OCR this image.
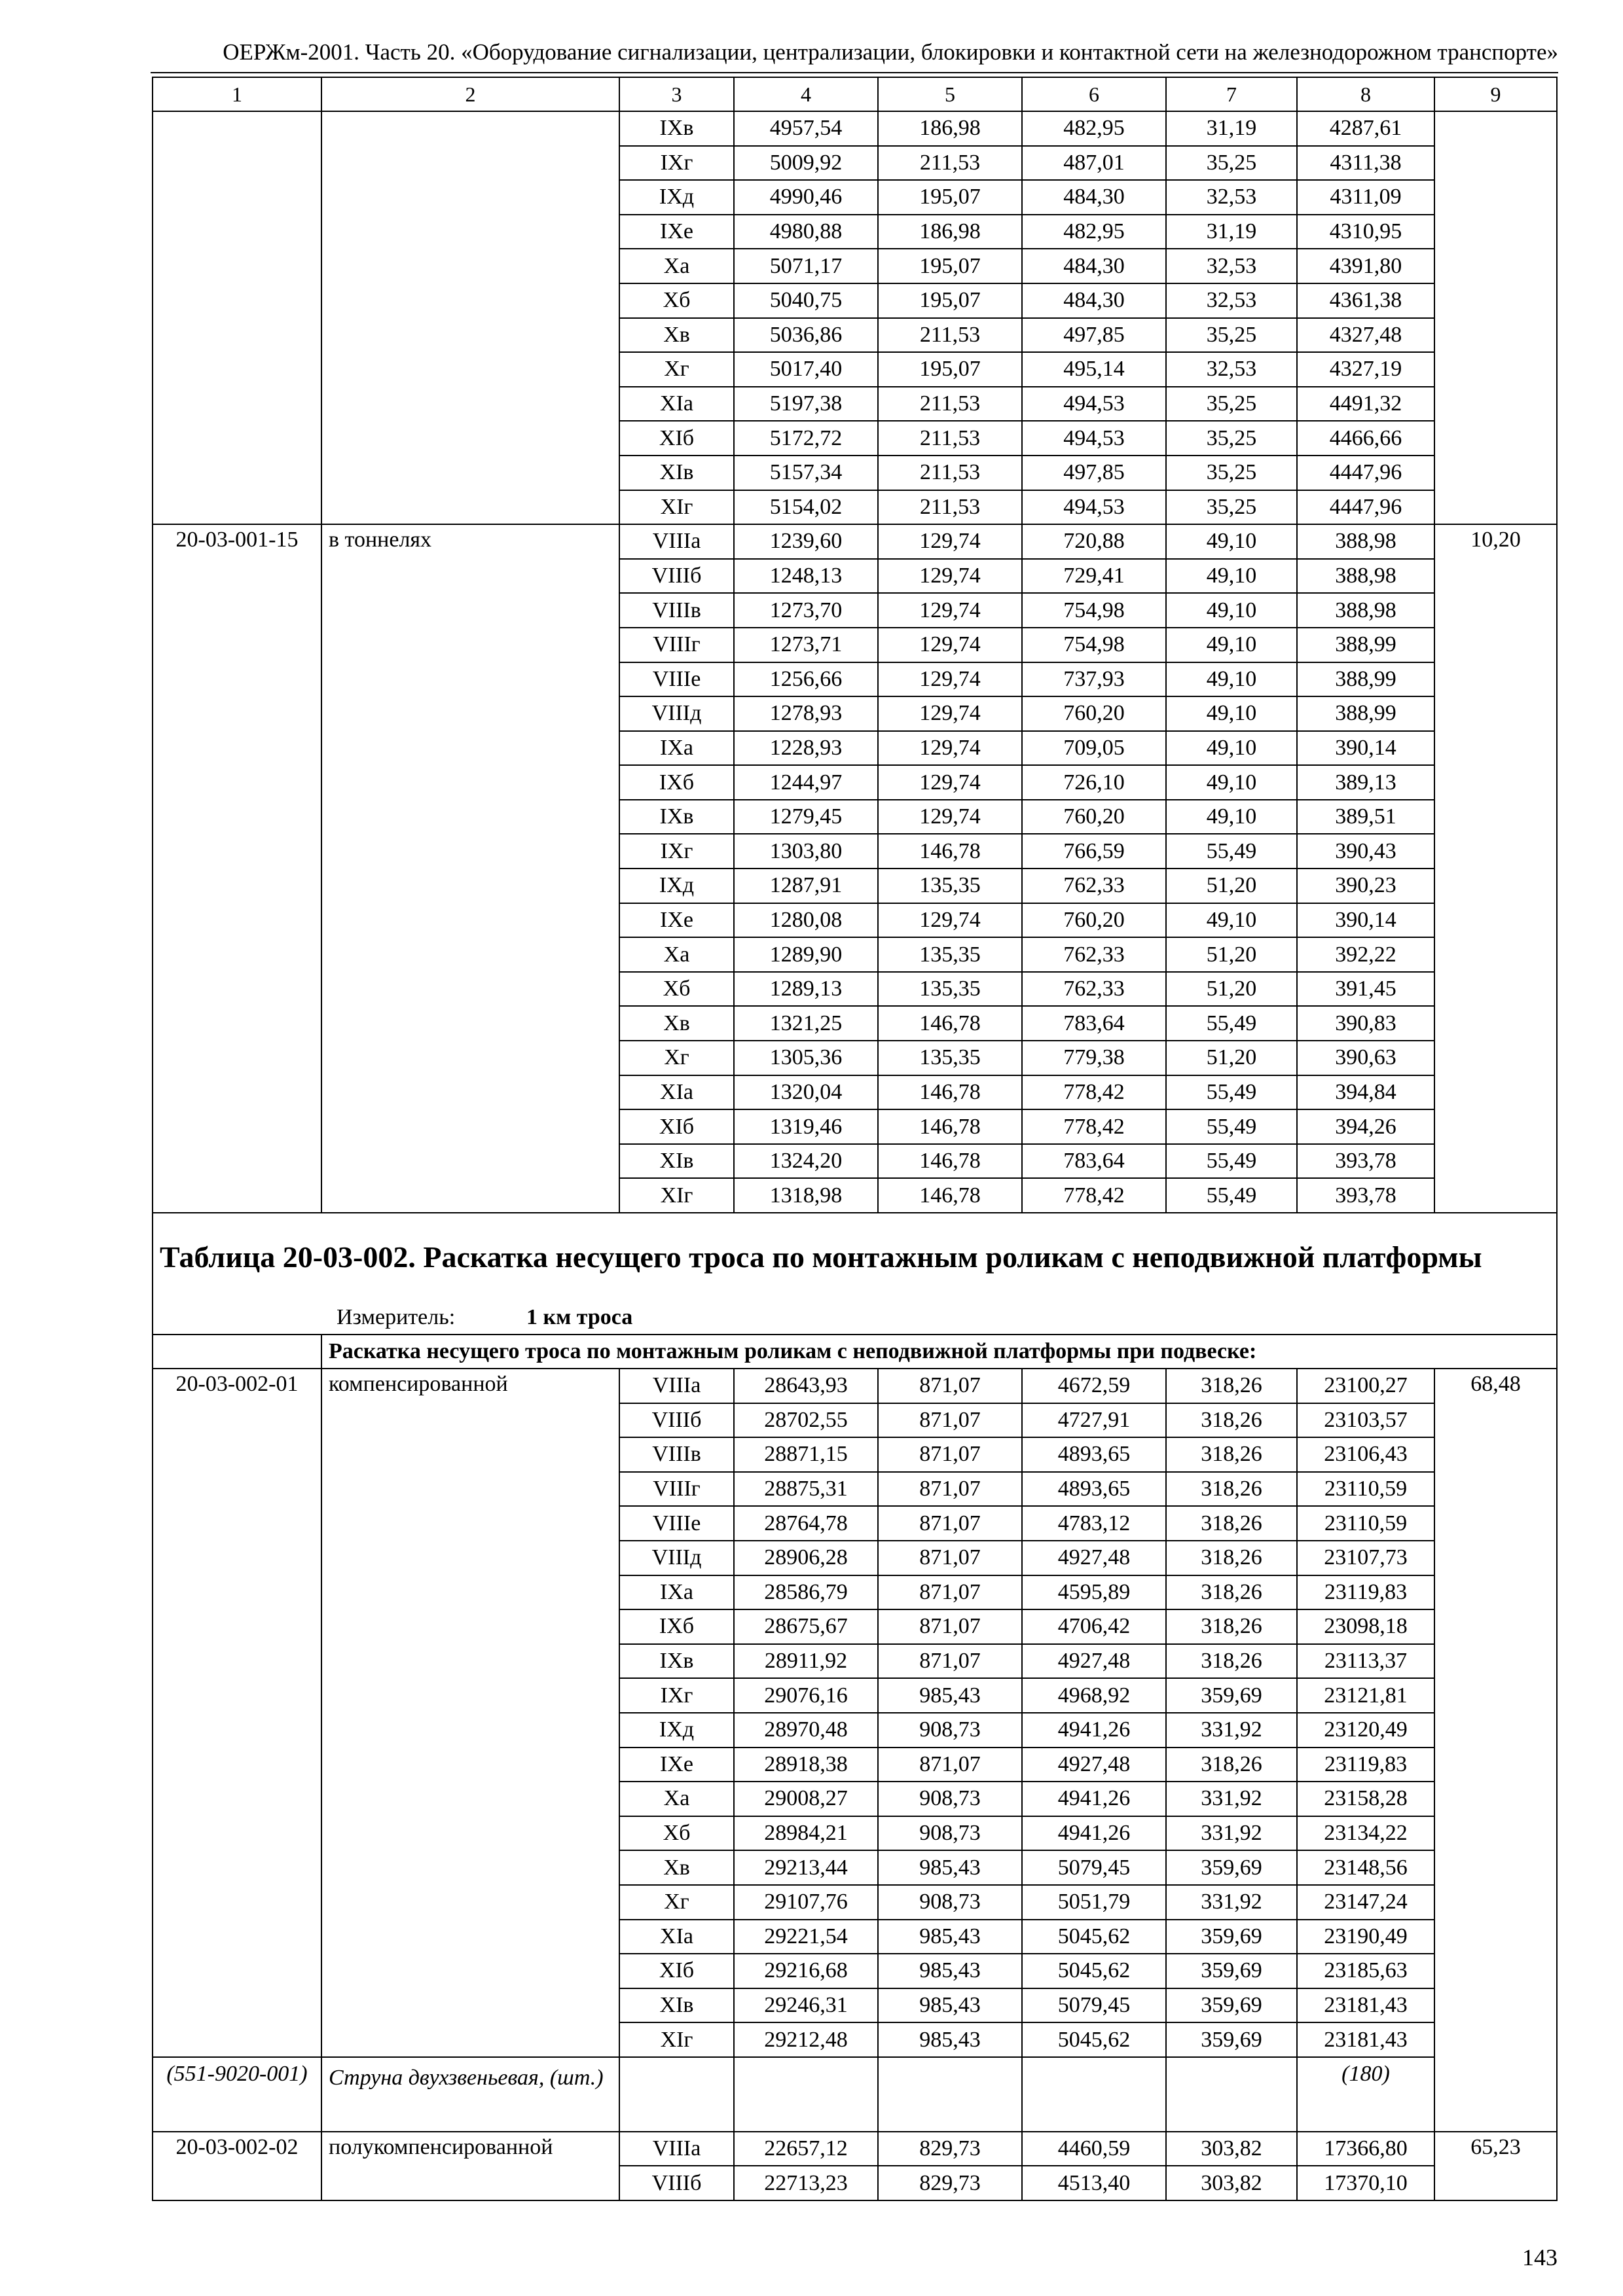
ОЕРЖм-2001. Часть 20. «Оборудование сигнализации, централизации, блокировки и контактной сети на железнодорожном транспорте»
1	2	3	4	5	6	7	8	9
		IXв	4957,54	186,98	482,95	31,19	4287,61	
		IXг	5009,92	211,53	487,01	35,25	4311,38	
		IXд	4990,46	195,07	484,30	32,53	4311,09	
		IXе	4980,88	186,98	482,95	31,19	4310,95	
		Xа	5071,17	195,07	484,30	32,53	4391,80	
		Xб	5040,75	195,07	484,30	32,53	4361,38	
		Xв	5036,86	211,53	497,85	35,25	4327,48	
		Xг	5017,40	195,07	495,14	32,53	4327,19	
		XIа	5197,38	211,53	494,53	35,25	4491,32	
		XIб	5172,72	211,53	494,53	35,25	4466,66	
		XIв	5157,34	211,53	497,85	35,25	4447,96	
		XIг	5154,02	211,53	494,53	35,25	4447,96	
20-03-001-15	в тоннелях	VIIIа	1239,60	129,74	720,88	49,10	388,98	10,20
		VIIIб	1248,13	129,74	729,41	49,10	388,98	
		VIIIв	1273,70	129,74	754,98	49,10	388,98	
		VIIIг	1273,71	129,74	754,98	49,10	388,99	
		VIIIе	1256,66	129,74	737,93	49,10	388,99	
		VIIIд	1278,93	129,74	760,20	49,10	388,99	
		IXа	1228,93	129,74	709,05	49,10	390,14	
		IXб	1244,97	129,74	726,10	49,10	389,13	
		IXв	1279,45	129,74	760,20	49,10	389,51	
		IXг	1303,80	146,78	766,59	55,49	390,43	
		IXд	1287,91	135,35	762,33	51,20	390,23	
		IXе	1280,08	129,74	760,20	49,10	390,14	
		Xа	1289,90	135,35	762,33	51,20	392,22	
		Xб	1289,13	135,35	762,33	51,20	391,45	
		Xв	1321,25	146,78	783,64	55,49	390,83	
		Xг	1305,36	135,35	779,38	51,20	390,63	
		XIа	1320,04	146,78	778,42	55,49	394,84	
		XIб	1319,46	146,78	778,42	55,49	394,26	
		XIв	1324,20	146,78	783,64	55,49	393,78	
		XIг	1318,98	146,78	778,42	55,49	393,78	
Таблица 20-03-002. Раскатка несущего троса по монтажным роликам с неподвижной платформы								
Измеритель: 1 км троса								
	Раскатка несущего троса по монтажным роликам с неподвижной платформы при подвеске:							
20-03-002-01	компенсированной	VIIIа	28643,93	871,07	4672,59	318,26	23100,27	68,48
		VIIIб	28702,55	871,07	4727,91	318,26	23103,57	
		VIIIв	28871,15	871,07	4893,65	318,26	23106,43	
		VIIIг	28875,31	871,07	4893,65	318,26	23110,59	
		VIIIе	28764,78	871,07	4783,12	318,26	23110,59	
		VIIIд	28906,28	871,07	4927,48	318,26	23107,73	
		IXа	28586,79	871,07	4595,89	318,26	23119,83	
		IXб	28675,67	871,07	4706,42	318,26	23098,18	
		IXв	28911,92	871,07	4927,48	318,26	23113,37	
		IXг	29076,16	985,43	4968,92	359,69	23121,81	
		IXд	28970,48	908,73	4941,26	331,92	23120,49	
		IXе	28918,38	871,07	4927,48	318,26	23119,83	
		Xа	29008,27	908,73	4941,26	331,92	23158,28	
		Xб	28984,21	908,73	4941,26	331,92	23134,22	
		Xв	29213,44	985,43	5079,45	359,69	23148,56	
		Xг	29107,76	908,73	5051,79	331,92	23147,24	
		XIа	29221,54	985,43	5045,62	359,69	23190,49	
		XIб	29216,68	985,43	5045,62	359,69	23185,63	
		XIв	29246,31	985,43	5079,45	359,69	23181,43	
		XIг	29212,48	985,43	5045,62	359,69	23181,43	
(551-9020-001)	Струна двухзвеньевая, (шт.)						(180)	
20-03-002-02	полукомпенсированной	VIIIа	22657,12	829,73	4460,59	303,82	17366,80	65,23
		VIIIб	22713,23	829,73	4513,40	303,82	17370,10	
143
